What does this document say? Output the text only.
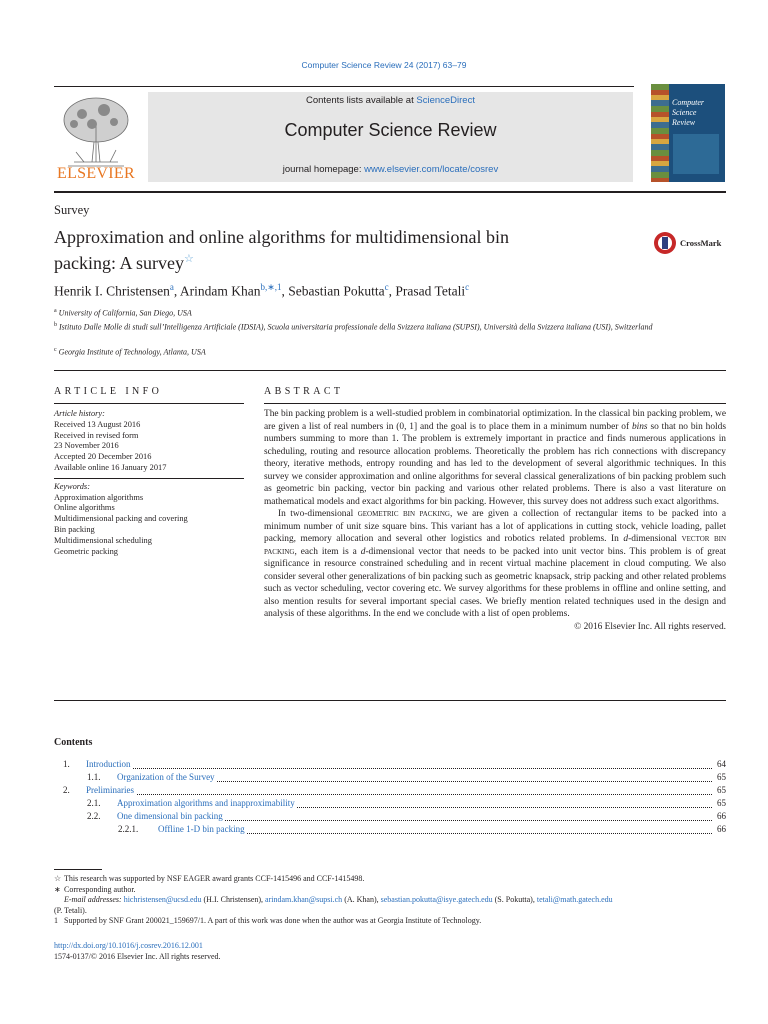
Computer Science Review 24 (2017) 63–79
ELSEVIER
Contents lists available at ScienceDirect
Computer Science Review
journal homepage: www.elsevier.com/locate/cosrev
Computer
Science
Review
Survey
Approximation and online algorithms for multidimensional bin
packing: A survey☆
CrossMark
Henrik I. Christensen$^a$, Arindam Khan$^{b,∗,1}$, Sebastian Pokutta$^c$, Prasad Tetali$^c$
$^a$ University of California, San Diego, USA
$^b$ Istituto Dalle Molle di studi sull’Intelligenza Artificiale (IDSIA), Scuola universitaria professionale della Svizzera italiana (SUPSI), Università della Svizzera italiana (USI), Switzerland
$^c$ Georgia Institute of Technology, Atlanta, USA
ARTICLE INFO
Article history:
Received 13 August 2016
Received in revised form
23 November 2016
Accepted 20 December 2016
Available online 16 January 2017
Keywords:
Approximation algorithms
Online algorithms
Multidimensional packing and covering
Bin packing
Multidimensional scheduling
Geometric packing
ABSTRACT

The bin packing problem is a well-studied problem in combinatorial optimization. In the classical bin packing problem, we are given a list of real numbers in (0, 1] and the goal is to place them in a minimum number of bins so that no bin holds numbers summing to more than 1. The problem is extremely important in practice and finds numerous applications in scheduling, routing and resource allocation problems. Theoretically the problem has rich connections with discrepancy theory, iterative methods, entropy rounding and has led to the development of several algorithmic techniques. In this survey we consider approximation and online algorithms for several classical generalizations of bin packing problem such as geometric bin packing, vector bin packing and various other related problems. There is also a vast literature on mathematical models and exact algorithms for bin packing. However, this survey does not address such exact algorithms.

In two-dimensional geometric bin packing, we are given a collection of rectangular items to be packed into a minimum number of unit size square bins. This variant has a lot of applications in cutting stock, vehicle loading, pallet packing, memory allocation and several other logistics and robotics related problems. In d-dimensional vector bin packing, each item is a d-dimensional vector that needs to be packed into unit vector bins. This problem is of great significance in resource constrained scheduling and in recent virtual machine placement in cloud computing. We also consider several other generalizations of bin packing such as geometric knapsack, strip packing and other related problems such as vector scheduling, vector covering etc. We survey algorithms for these problems in offline and online setting, and also mention results for several important special cases. We briefly mention related techniques used in the design and analysis of these algorithms. In the end we conclude with a list of open problems.

© 2016 Elsevier Inc. All rights reserved.
Contents
1. Introduction	64
1.1. Organization of the Survey	65
2. Preliminaries	65
2.1. Approximation algorithms and inapproximability	65
2.2. One dimensional bin packing	66
2.2.1. Offline 1-D bin packing	66

☆ This research was supported by NSF EAGER award grants CCF-1415496 and CCF-1415498.

∗ Corresponding author.

E-mail addresses: hichristensen@ucsd.edu (H.I. Christensen), arindam.khan@supsi.ch (A. Khan), sebastian.pokutta@isye.gatech.edu (S. Pokutta), tetali@math.gatech.edu

(P. Tetali).

1 Supported by SNF Grant 200021_159697/1. A part of this work was done when the author was at Georgia Institute of Technology.

http://dx.doi.org/10.1016/j.cosrev.2016.12.001
1574-0137/© 2016 Elsevier Inc. All rights reserved.
